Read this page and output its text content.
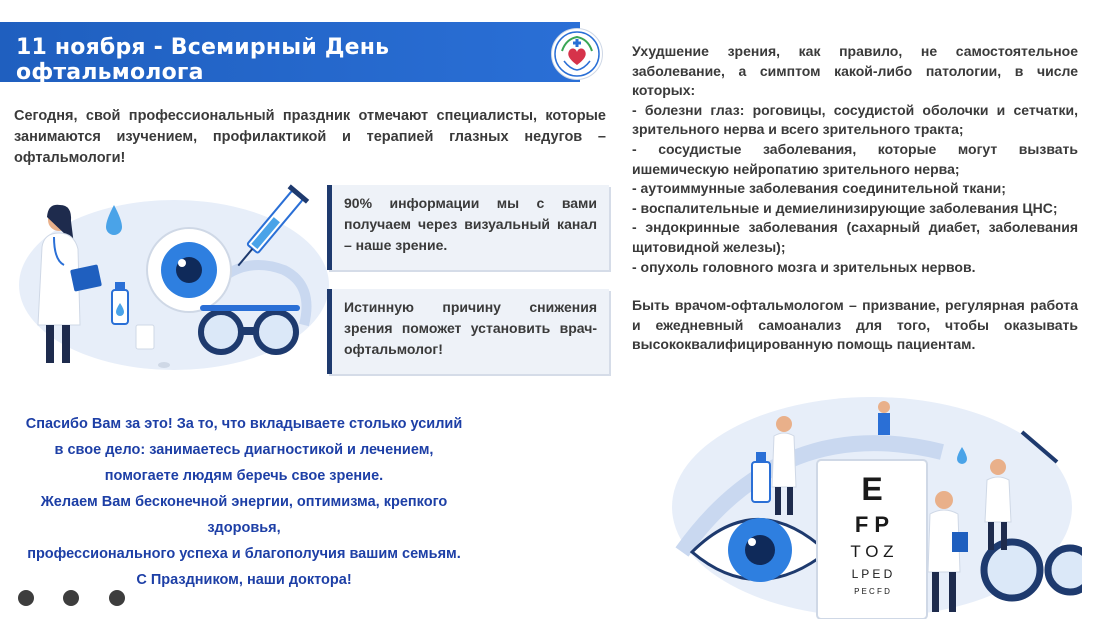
11 ноября - Всемирный День офтальмолога
Сегодня, свой профессиональный праздник отмечают специалисты, которые занимаются изучением, профилактикой и терапией глазных недугов – офтальмологи!
90% информации мы с вами получаем через визуальный канал – наше зрение.
Истинную причину снижения зрения поможет установить врач-офтальмолог!
Спасибо Вам за это! За то, что вкладываете столько усилий
в свое дело: занимаетесь диагностикой и лечением,
помогаете людям беречь свое зрение.
Желаем Вам бесконечной энергии, оптимизма, крепкого здоровья,
профессионального успеха и благополучия вашим семьям.
С Праздником, наши доктора!

Ухудшение зрения, как правило, не самостоятельное заболевание, а симптом какой-либо патологии, в числе которых:

- болезни глаз: роговицы, сосудистой оболочки и сетчатки, зрительного нерва и всего зрительного тракта;
- сосудистые заболевания, которые могут вызвать ишемическую нейропатию зрительного нерва;
- аутоиммунные заболевания соединительной ткани;
- воспалительные и демиелинизирующие заболевания ЦНС;
- эндокринные заболевания (сахарный диабет, заболевания щитовидной железы);
- опухоль головного мозга и зрительных нервов.

Быть врачом-офтальмологом – призвание, регулярная работа и ежедневный самоанализ для того, чтобы оказывать высококвалифицированную помощь пациентам.

E
F P
T O Z
L P E D
P E C F D
